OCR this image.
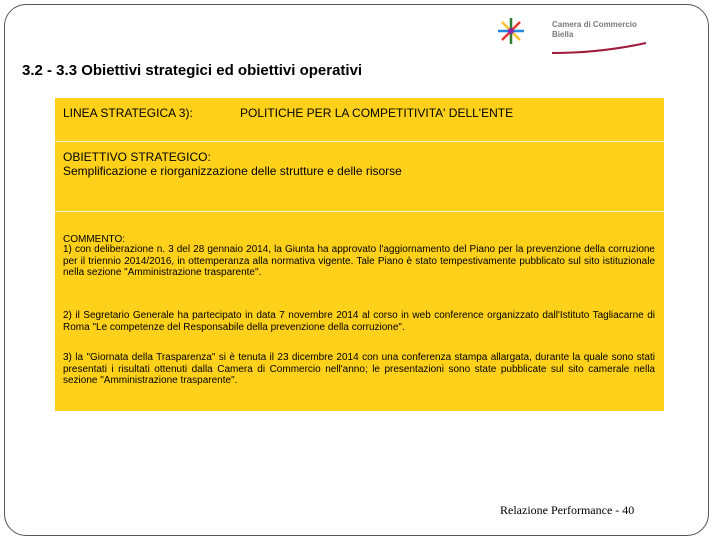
Camera di Commercio
Biella
3.2 - 3.3 Obiettivi strategici ed obiettivi operativi
LINEA STRATEGICA 3):	POLITICHE PER LA COMPETITIVITA' DELL'ENTE
OBIETTIVO STRATEGICO:
Semplificazione e riorganizzazione delle strutture e delle risorse
COMMENTO:
1) con deliberazione n. 3 del 28 gennaio 2014, la Giunta ha approvato l'aggiornamento del Piano per la prevenzione della corruzione per il triennio 2014/2016, in ottemperanza alla normativa vigente. Tale Piano è stato tempestivamente pubblicato sul sito istituzionale nella sezione "Amministrazione trasparente".
2) il Segretario Generale ha partecipato in data 7 novembre 2014 al corso in web conference organizzato dall'Istituto Tagliacarne di Roma "Le competenze del Responsabile della prevenzione della corruzione".
3) la "Giornata della Trasparenza" si è tenuta il 23 dicembre 2014 con una conferenza stampa allargata, durante la quale sono stati presentati i risultati ottenuti dalla Camera di Commercio nell'anno; le presentazioni sono state pubblicate sul sito camerale nella sezione "Amministrazione trasparente".
Relazione Performance - 40
